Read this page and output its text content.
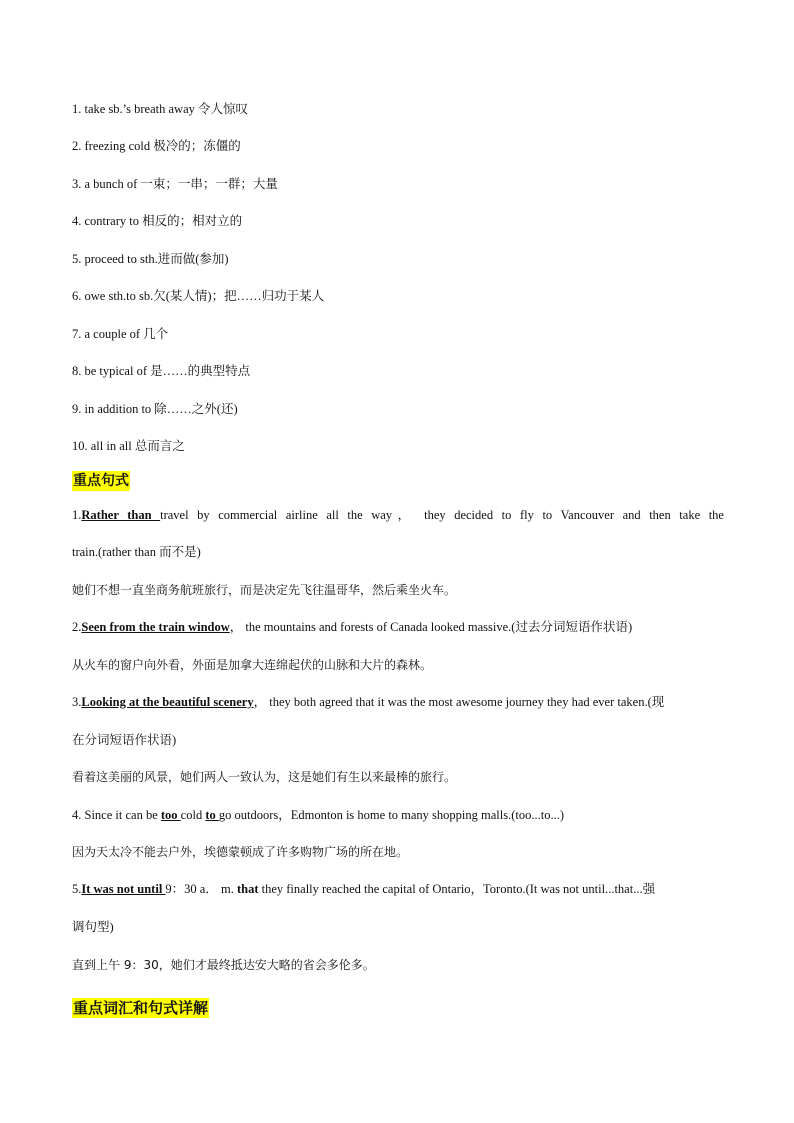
1. take sb.’s breath away 令人惊叹
2. freezing cold 极冷的；冻僵的
3. a bunch of 一束；一串；一群；大量
4. contrary to 相反的；相对立的
5. proceed to sth.进而做(参加)
6. owe sth.to sb.欠(某人情)；把……归功于某人
7. a couple of 几个
8. be typical of 是……的典型特点
9. in addition to 除……之外(还)
10. all in all 总而言之
重点句式
1.Rather than travel by commercial airline all the way， they decided to fly to Vancouver and then take the
train.(rather than 而不是)
她们不想一直坐商务航班旅行，而是决定先飞往温哥华，然后乘坐火车。
2.Seen from the train window， the mountains and forests of Canada looked massive.(过去分词短语作状语)
从火车的窗户向外看，外面是加拿大连绵起伏的山脉和大片的森林。
3.Looking at the beautiful scenery， they both agreed that it was the most awesome journey they had ever taken.(现
在分词短语作状语)
看着这美丽的风景，她们两人一致认为，这是她们有生以来最棒的旅行。
4. Since it can be too cold to go outdoors，Edmonton is home to many shopping malls.(too...to...)
因为天太冷不能去户外，埃德蒙顿成了许多购物广场的所在地。
5.It was not until 9：30 a． m. that they finally reached the capital of Ontario，Toronto.(It was not until...that...强
调句型)
直到上午 9：30，她们才最终抵达安大略的省会多伦多。
重点词汇和句式详解
